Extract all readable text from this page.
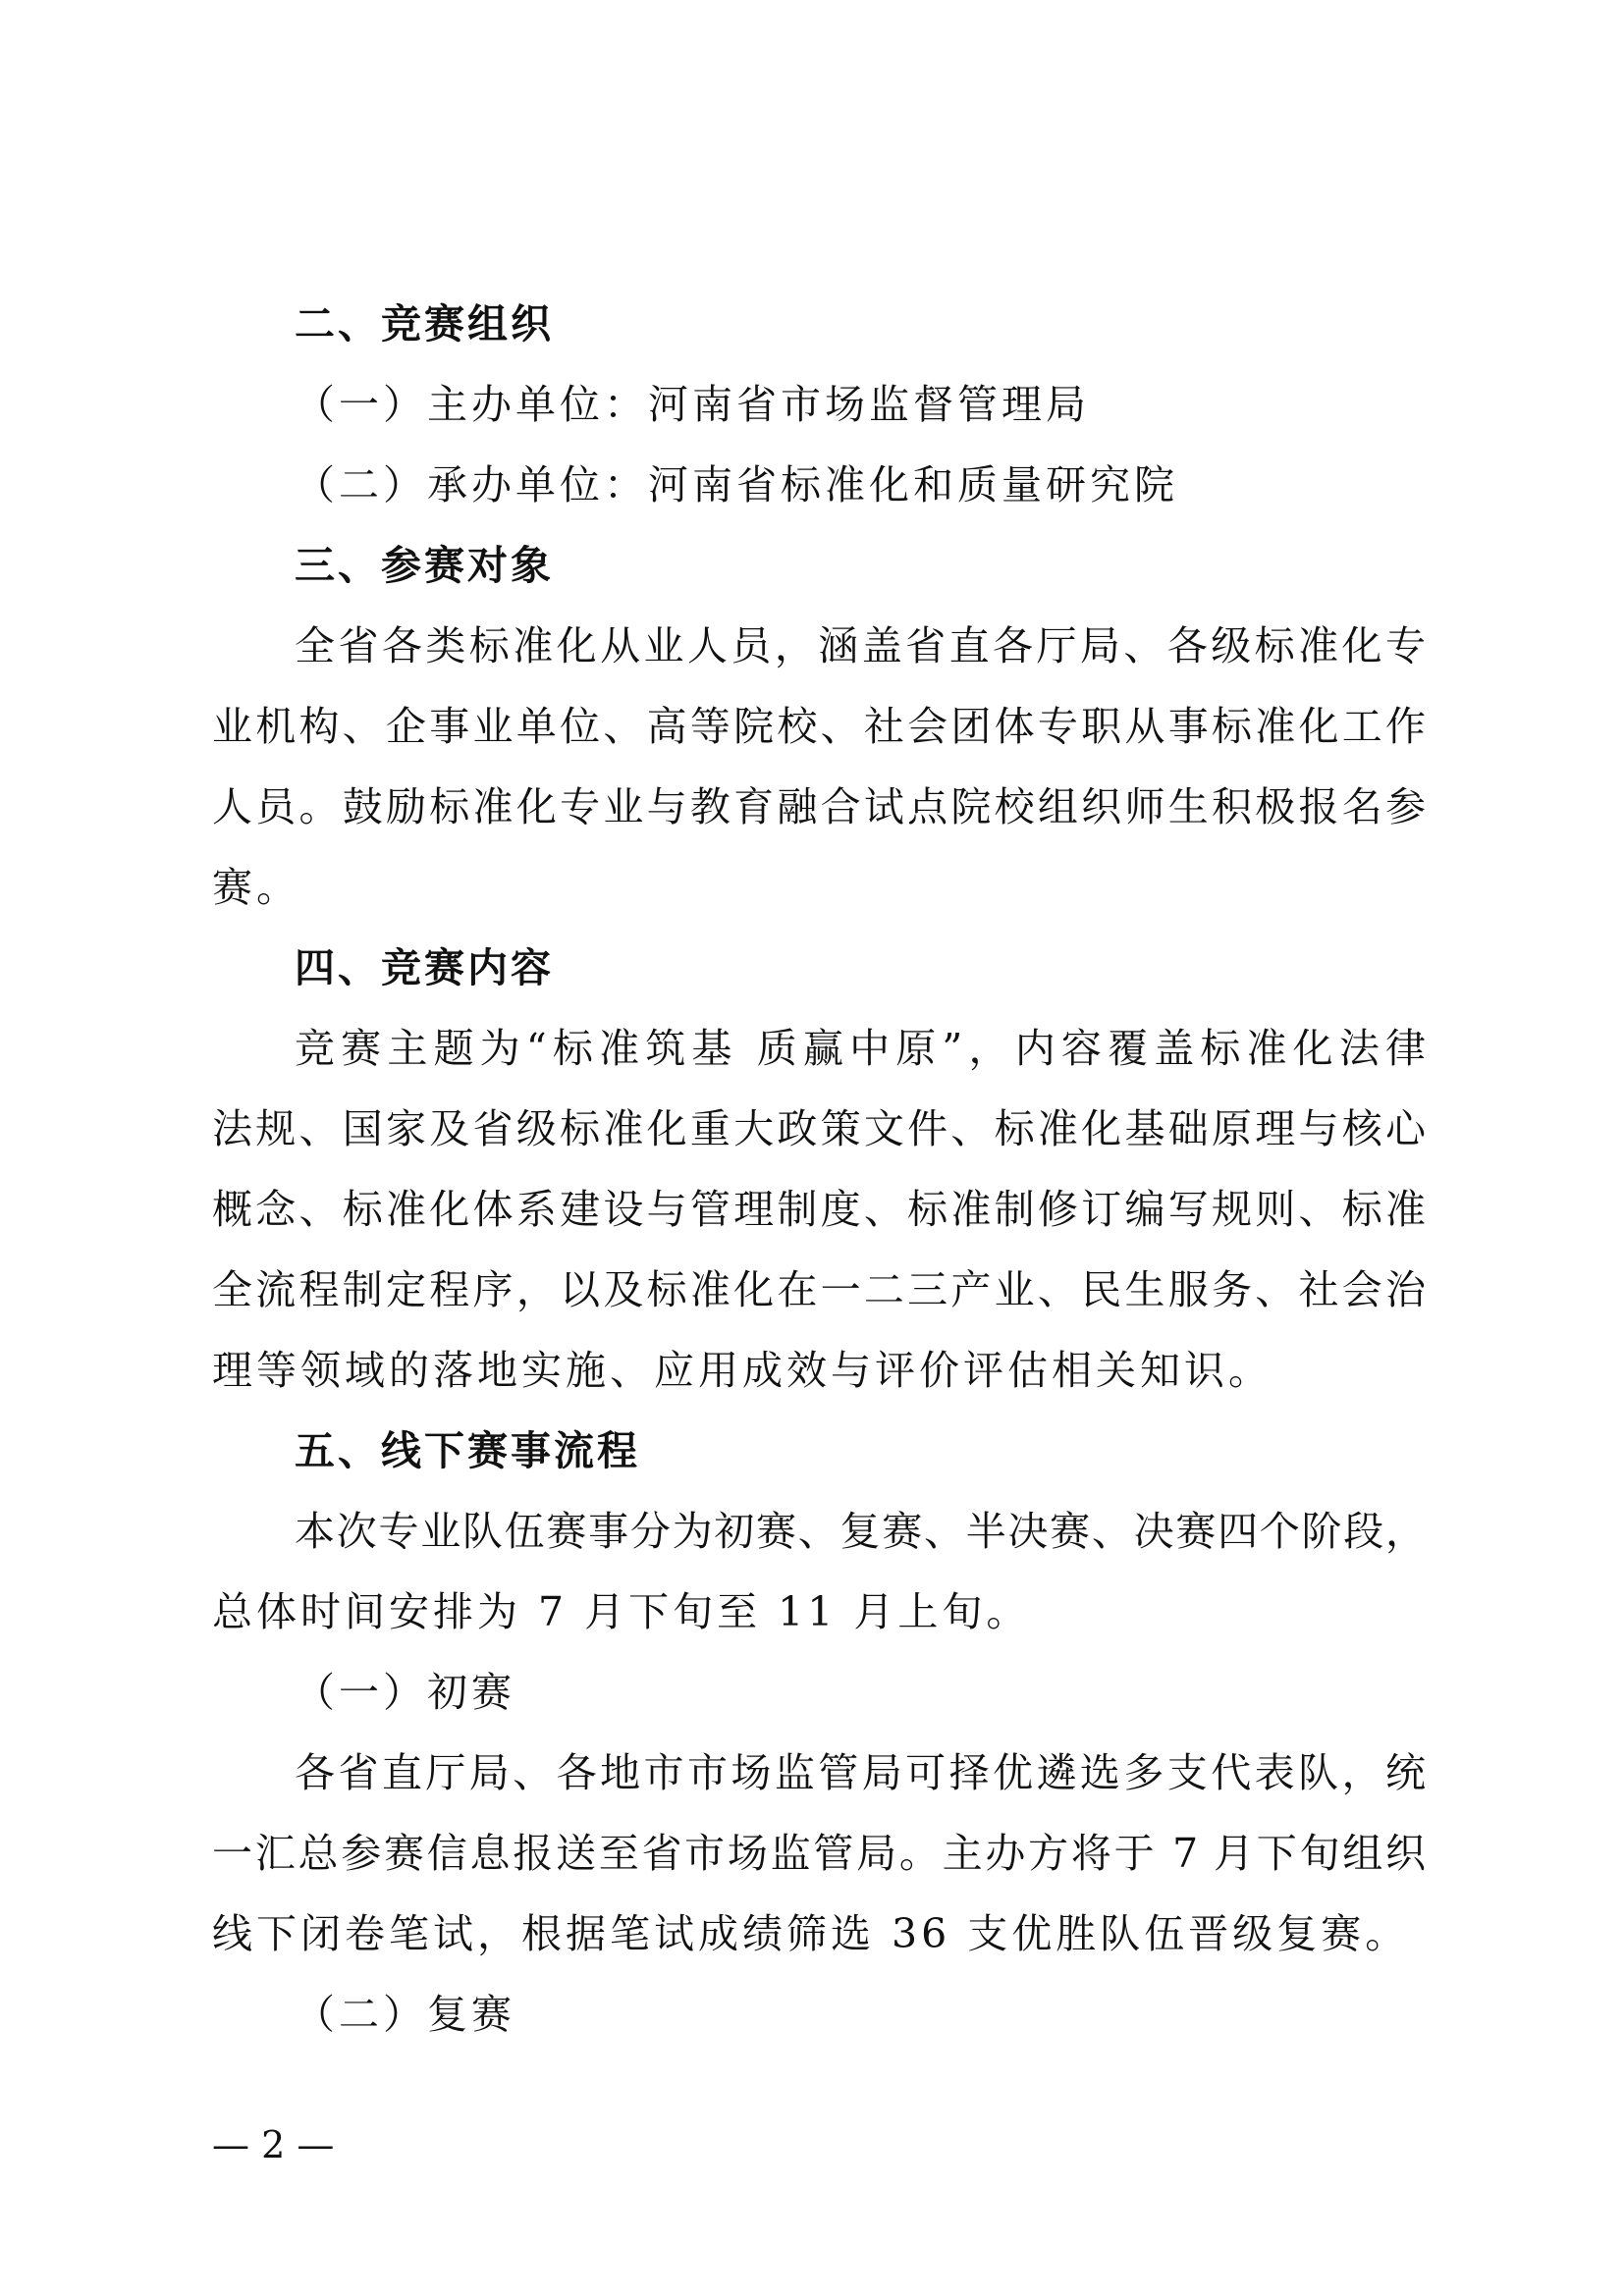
二、竞赛组织
（一）主办单位：河南省市场监督管理局
（二）承办单位：河南省标准化和质量研究院
三、参赛对象
全省各类标准化从业人员，涵盖省直各厅局、各级标准化专
业机构、企事业单位、高等院校、社会团体专职从事标准化工作
人员。鼓励标准化专业与教育融合试点院校组织师生积极报名参
赛。
四、竞赛内容
竞赛主题为“标准筑基 质赢中原”，内容覆盖标准化法律
法规、国家及省级标准化重大政策文件、标准化基础原理与核心
概念、标准化体系建设与管理制度、标准制修订编写规则、标准
全流程制定程序，以及标准化在一二三产业、民生服务、社会治
理等领域的落地实施、应用成效与评价评估相关知识。
五、线下赛事流程
本次专业队伍赛事分为初赛、复赛、半决赛、决赛四个阶段，
总体时间安排为 7 月下旬至 11 月上旬。
（一）初赛
各省直厅局、各地市市场监管局可择优遴选多支代表队，统
一汇总参赛信息报送至省市场监管局。主办方将于 7 月下旬组织
线下闭卷笔试，根据笔试成绩筛选 36 支优胜队伍晋级复赛。
（二）复赛
— 2 —
